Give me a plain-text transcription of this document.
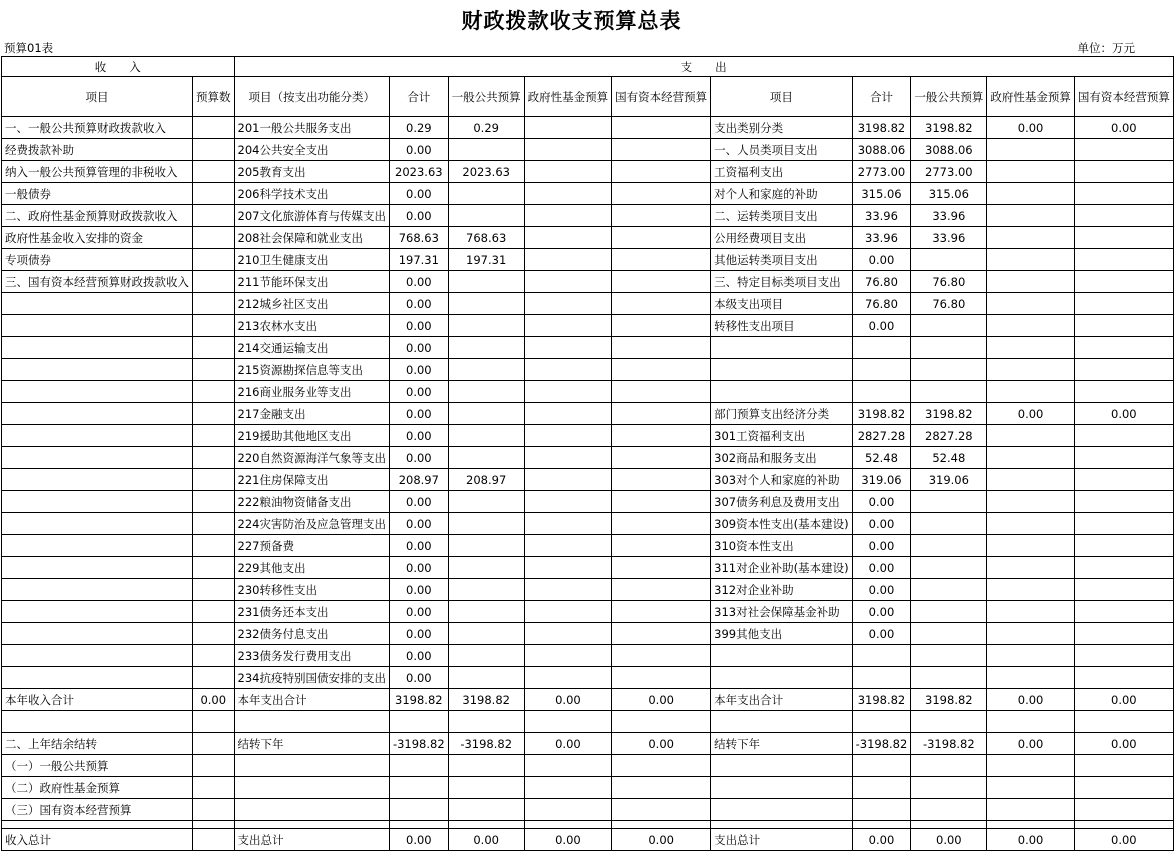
财政拨款收支预算总表
预算01表	单位：万元
收　　入		支　　出									
项目	预算数	项目（按支出功能分类）	合计	一般公共预算	政府性基金预算	国有资本经营预算	项目	合计	一般公共预算	政府性基金预算	国有资本经营预算
一、一般公共预算财政拨款收入		201一般公共服务支出	0.29	0.29			支出类别分类	3198.82	3198.82	0.00	0.00
经费拨款补助		204公共安全支出	0.00				一、人员类项目支出	3088.06	3088.06		
纳入一般公共预算管理的非税收入		205教育支出	2023.63	2023.63			工资福利支出	2773.00	2773.00		
一般债券		206科学技术支出	0.00				对个人和家庭的补助	315.06	315.06		
二、政府性基金预算财政拨款收入		207文化旅游体育与传媒支出	0.00				二、运转类项目支出	33.96	33.96		
政府性基金收入安排的资金		208社会保障和就业支出	768.63	768.63			公用经费项目支出	33.96	33.96		
专项债券		210卫生健康支出	197.31	197.31			其他运转类项目支出	0.00			
三、国有资本经营预算财政拨款收入		211节能环保支出	0.00				三、特定目标类项目支出	76.80	76.80		
		212城乡社区支出	0.00				本级支出项目	76.80	76.80		
		213农林水支出	0.00				转移性支出项目	0.00			
		214交通运输支出	0.00								
		215资源勘探信息等支出	0.00								
		216商业服务业等支出	0.00								
		217金融支出	0.00				部门预算支出经济分类	3198.82	3198.82	0.00	0.00
		219援助其他地区支出	0.00				301工资福利支出	2827.28	2827.28		
		220自然资源海洋气象等支出	0.00				302商品和服务支出	52.48	52.48		
		221住房保障支出	208.97	208.97			303对个人和家庭的补助	319.06	319.06		
		222粮油物资储备支出	0.00				307债务利息及费用支出	0.00			
		224灾害防治及应急管理支出	0.00				309资本性支出(基本建设)	0.00			
		227预备费	0.00				310资本性支出	0.00			
		229其他支出	0.00				311对企业补助(基本建设)	0.00			
		230转移性支出	0.00				312对企业补助	0.00			
		231债务还本支出	0.00				313对社会保障基金补助	0.00			
		232债务付息支出	0.00				399其他支出	0.00			
		233债务发行费用支出	0.00								
		234抗疫特别国债安排的支出	0.00								
本年收入合计	0.00	本年支出合计	3198.82	3198.82	0.00	0.00	本年支出合计	3198.82	3198.82	0.00	0.00

二、上年结余结转		结转下年	-3198.82	-3198.82	0.00	0.00	结转下年	-3198.82	-3198.82	0.00	0.00
（一）一般公共预算											
（二）政府性基金预算											
（三）国有资本经营预算											

收入总计		支出总计	0.00	0.00	0.00	0.00	支出总计	0.00	0.00	0.00	0.00
